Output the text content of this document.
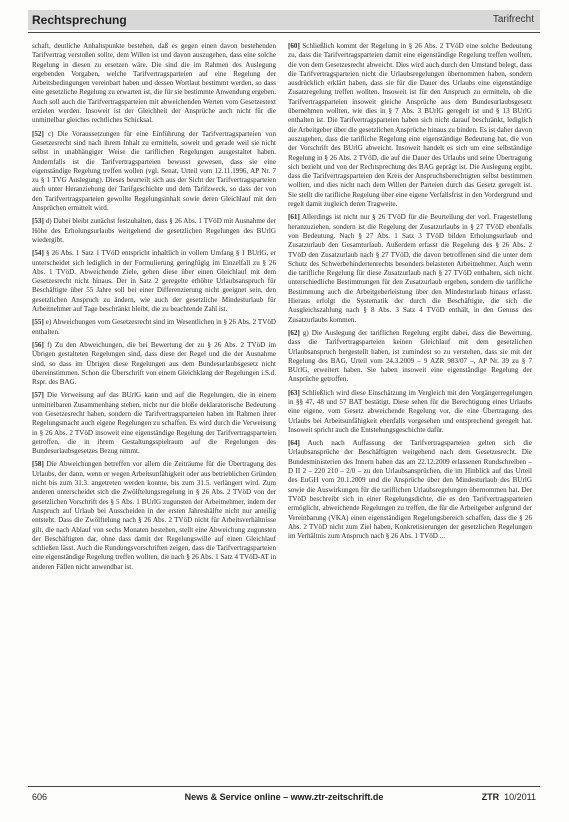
Rechtsprechung	Tarifrecht

schaft, deutliche Anhaltspunkte bestehen, daß es gegen einen davon bestehenden Tarifvertrag verstoßen sollte, dem Willen ist und davon auszugehen, dass eine solche Regelung in diesen zu ersetzen wäre. Die sind die im Rahmen des Auslegung ergebenden Vorgaben, welche Tarifvertragsparteien auf eine Regelung der Arbeitsbedingungen vereinbart haben und dessen Wortlaut bestimmt werden, so dass eine gesetzliche Regelung zu erwarten ist, die für sie bestimmte Anwendung ergeben. Auch soll auch die Tarifvertragsparteien mit abweichenden Werten vom Gesetzestext erzielen werden. Insoweit ist der Gleichheit der Ansprüche auch nicht für die unmittelbar gleiches rechtliches Schicksal.

[52] c) Die Voraussetzungen für eine Einführung der Tarifvertragsparteien von Gesetzesrecht sind nach ihrem Inhalt zu ermitteln, soweit und gerade weil sie nicht selbst in unabhängiger Weise die tariflichen Regelungen ausgestaltet haben. Andernfalls ist die Tarifvertragsparteien bewusst gewesen, dass sie eine eigenständige Regelung treffen wollen (vgl. Senat, Urteil vom 12.11.1996, AP Nr. 7 zu § 1 TVG Auslegung). Dieses beurteilt sich aus der Sicht der Tarifvertragsparteien auch unter Heranziehung der Tarifgeschichte und dem Tarifzweck, so dass der von den Tarifvertragsparteien gewollte Regelungsinhalt sowie deren Gleichlauf mit den Ansprüchen ermittelt wird.

[53] d) Dabei bleibt zunächst festzuhalten, dass § 26 Abs. 1 TVöD mit Ausnahme der Höhe des Erholungsurlaubs weitgehend die gesetzlichen Regelungen des BUrlG wiedergibt.

[54] § 26 Abs. 1 Satz 1 TVöD entspricht inhaltlich in vollem Umfang § 1 BUrlG, er unterscheidet sich lediglich in der Formulierung geringfügig im Einzelfall zu § 26 Abs. 1 TVöD. Abweichende Ziele, gehen diese über einen Gleichlauf mit dem Gesetzesrecht nicht hinaus. Der in Satz 2 geregelte erhöhte Urlaubsanspruch für Beschäftigte über 55 Jahre soll bei einer Differenzierung nicht geeignet sein, den gesetzlichen Anspruch zu ändern, wie auch der gesetzliche Mindesturlaub für Arbeitnehmer auf Tage beschränkt bleibt, die zu beachtende Zahl ist.

[55] e) Abweichungen vom Gesetzesrecht sind im Wesentlichen in § 26 Abs. 2 TVöD enthalten.

[56] f) Zu den Abweichungen, die bei Bewertung der zu § 26 Abs. 2 TVöD im Übrigen gestalteten Regelungen sind, dass diese der Regel und die der Ausnahme sind, so dass im Übrigen diese Regelungen aus dem Bundesurlaubsgesetz nicht übereinstimmen. Schon die Überschrift von einem Gleichklang der Regelungen i.S.d. Rspr. des BAG.

[57] Die Verweisung auf das BUrlG kann und auf die Regelungen, die in einem unmittelbaren Zusammenhang stehen, nicht nur die bloße deklaratorische Bedeutung von Gesetzesrecht haben, sondern die Tarifvertragsparteien haben im Rahmen ihrer Regelungsmacht auch eigene Regelungen zu schaffen. Es wird durch die Verweisung in § 26 Abs. 2 TVöD insoweit eine eigenständige Regelung der Tarifvertragsparteien getroffen, die in ihrem Gestaltungsspielraum auf die Regelungen des Bundesurlaubsgesetzes Bezug nimmt.

[58] Die Abweichungen betreffen vor allem die Zeiträume für die Übertragung des Urlaubs, der dann, wenn er wegen Arbeitsunfähigkeit oder aus betrieblichen Gründen nicht bis zum 31.3. angetreten werden konnte, bis zum 31.5. verlängert wird. Zum anderen unterscheidet sich die Zwölftelungsregelung in § 26 Abs. 2 TVöD von der gesetzlichen Vorschrift des § 5 Abs. 1 BUrlG zugunsten der Arbeitnehmer, indem der Anspruch auf Urlaub bei Ausscheiden in der ersten Jahreshälfte nicht nur anteilig entsteht. Dass die Zwölftelung nach § 26 Abs. 2 TVöD nicht für Arbeitsverhältnisse gilt, die nach Ablauf von sechs Monaten bestehen, stellt eine Abweichung zugunsten der Beschäftigten dar, ohne dass damit der Regelungswille auf einen Gleichlauf schließen lässt. Auch die Rundungsvorschriften zeigen, dass die Tarifvertragsparteien eine eigenständige Regelung treffen wollten, die nach § 26 Abs. 1 Satz 4 TVöD-AT in anderen Fällen nicht anwendbar ist.

[60] Schließlich kommt der Regelung in § 26 Abs. 2 TVöD eine solche Bedeutung zu, dass die Tarifvertragsparteien damit eine eigenständige Regelung treffen wollten, die von dem Gesetzesrecht abweicht. Dies wird auch durch den Umstand belegt, dass die Tarifvertragsparteien nicht die Urlaubsregelungen übernommen haben, sondern ausdrücklich erklärt haben, dass sie für die Dauer des Urlaubs eine eigenständige Zusatzregelung treffen wollten. Insoweit ist für den Anspruch zu ermitteln, ob die Tarifvertragsparteien insoweit gleiche Ansprüche aus dem Bundesurlaubsgesetz übernehmen wollten, wie dies in § 7 Abs. 3 BUrlG geregelt ist und § 13 BUrlG enthalten ist. Die Tarifvertragsparteien haben sich nicht darauf beschränkt, lediglich die Arbeitgeber über die gesetzlichen Ansprüche hinaus zu binden. Es ist daher davon auszugehen, dass die tarifliche Regelung eine eigenständige Bedeutung hat, die von der Vorschrift des BUrlG abweicht. Insoweit handelt es sich um eine selbständige Regelung in § 26 Abs. 2 TVöD, die auf die Dauer des Urlaubs und seine Übertragung sich bezieht und von der Rechtsprechung des BAG geprägt ist. Die Auslegung ergibt, dass die Tarifvertragsparteien den Kreis der Anspruchsberechtigten selbst bestimmen wollten, und dies nicht nach dem Willen der Parteien durch das Gesetz geregelt ist. Sie stellt die tarifliche Regelung über eine eigene Verfallsfrist in den Vordergrund und regelt damit zugleich deren Tragweite.

[61] Allerdings ist nicht nur § 26 TVöD für die Beurteilung der vorl. Fragestellung heranzuziehen, sondern ist die Regelung der Zusatzurlaubs in § 27 TVöD ebenfalls von Bedeutung. Nach § 27 Abs. 1 Satz 3 TVöD bilden Erholungsurlaub und Zusatzurlaub den Gesamturlaub. Außerdem erfasst die Regelung des § 26 Abs. 2 TVöD den Zusatzurlaub nach § 27 TVöD, die davon betroffenen sind die unter dem Schutz des Schwerbehindertenrechts besonders belasteten Arbeitnehmer. Auch wenn die tarifliche Regelung für diese Zusatzurlaub nach § 27 TVöD enthalten, sich nicht unterschiedliche Bestimmungen für den Zusatzurlaub ergeben, sondern die tarifliche Bestimmung auch die Arbeitgeberleistung über den Mindesturlaub hinaus erfasst. Hieraus erfolgt die Systematik der durch die Beschäftigte, die sich die Ausgleichszahlung nach § 8 Abs. 3 Satz 4 TVöD enthält, in den Genuss des Zusatzurlaubs kommen.

[62] g) Die Auslegung der tariflichen Regelung ergibt dabei, dass die Bewertung, dass die Tarifvertragsparteien keinen Gleichlauf mit dem gesetzlichen Urlaubsanspruch hergestellt haben, ist zumindest so zu verstehen, dass sie mit der Regelung des BAG, Urteil vom 24.3.2009 – 9 AZR 983/07 –, AP Nr. 39 zu § 7 BUrlG, erweitert haben. Sie haben insoweit eine eigenständige Regelung der Ansprüche getroffen.

[63] Schließlich wird diese Einschätzung im Vergleich mit den Vorgängerregelungen in §§ 47, 48 und 57 BAT bestätigt. Diese sehen für die Berechtigung eines Urlaubs eine eigene, vom Gesetz abweichende Regelung vor, die eine Übertragung des Urlaubs bei Arbeitsunfähigkeit ebenfalls vorgesehen und entsprechend geregelt hat. Insoweit spricht auch die Entstehungsgeschichte dafür.

[64] Auch nach Auffassung der Tarifvertragsparteien gelten sich die Urlaubsansprüche der Beschäftigten weitgehend nach dem Gesetzesrecht. Die Bundesministerien des Innern haben das am 22.12.2009 erlassenen Rundschreiben – D II 2 – 220 210 – 2/0 – zu den Urlaubsansprüchen, die im Hinblick auf das Urteil des EuGH vom 20.1.2009 und die Ansprüche über den Mindesturlaub des BUrlG sowie die Auswirkungen für die tariflichen Urlaubsregelungen übernommen hat. Der TVöD beschreibt sich in einer Regelungsdichte, die es den Tarifvertragsparteien ermöglicht, abweichende Regelungen zu treffen, die für die Arbeitgeber aufgrund der Vereinbarung (VKA) einen eigenständigen Regelungsbereich schaffen, dass die § 26 Abs. 2 TVöD nicht zum Ziel haben, Konkretisierungen der gesetzlichen Regelungen im Verhältnis zum Anspruch nach § 26 Abs. 1 TVöD ...

606	News & Service online – www.ztr-zeitschrift.de	ZTR 10/2011
